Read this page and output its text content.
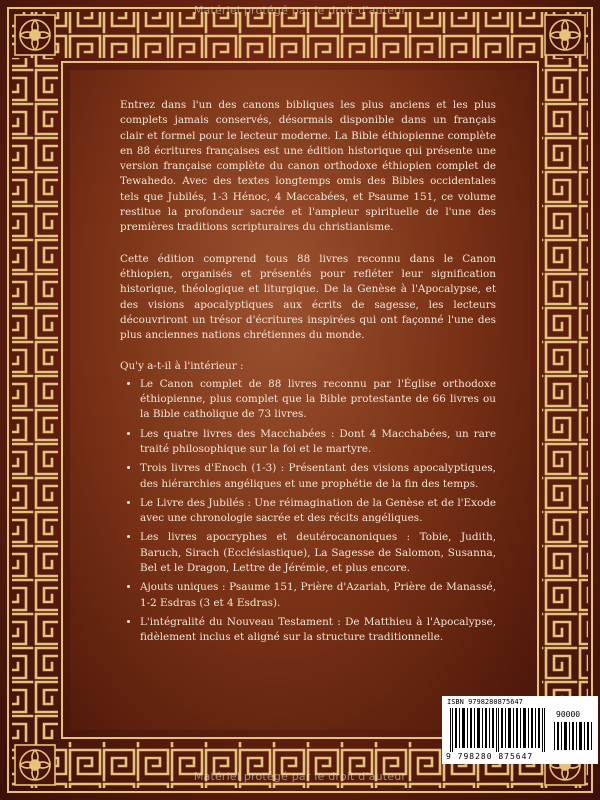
Matériel protégé par le droit d'auteur

Entrez dans l'un des canons bibliques les plus anciens et les plus complets jamais conservés, désormais disponible dans un français clair et formel pour le lecteur moderne. La Bible éthiopienne complète en 88 écritures françaises est une édition historique qui présente une version française complète du canon orthodoxe éthiopien complet de Tewahedo. Avec des textes longtemps omis des Bibles occidentales tels que Jubilés, 1-3 Hénoc, 4 Maccabées, et Psaume 151, ce volume restitue la profondeur sacrée et l'ampleur spirituelle de l'une des premières traditions scripturaires du christianisme.

Cette édition comprend tous 88 livres reconnu dans le Canon éthiopien, organisés et présentés pour refléter leur signification historique, théologique et liturgique. De la Genèse à l'Apocalypse, et des visions apocalyptiques aux écrits de sagesse, les lecteurs découvriront un trésor d'écritures inspirées qui ont façonné l'une des plus anciennes nations chrétiennes du monde.

Qu'y a-t-il à l'intérieur :
• Le Canon complet de 88 livres reconnu par l'Église orthodoxe éthiopienne, plus complet que la Bible protestante de 66 livres ou la Bible catholique de 73 livres.
• Les quatre livres des Macchabées : Dont 4 Macchabées, un rare traité philosophique sur la foi et le martyre.
• Trois livres d'Enoch (1-3) : Présentant des visions apocalyptiques, des hiérarchies angéliques et une prophétie de la fin des temps.
• Le Livre des Jubilés : Une réimagination de la Genèse et de l'Exode avec une chronologie sacrée et des récits angéliques.
• Les livres apocryphes et deutérocanoniques : Tobie, Judith, Baruch, Sirach (Ecclésiastique), La Sagesse de Salomon, Susanna, Bel et le Dragon, Lettre de Jérémie, et plus encore.
• Ajouts uniques : Psaume 151, Prière d'Azariah, Prière de Manassé, 1-2 Esdras (3 et 4 Esdras).
• L'intégralité du Nouveau Testament : De Matthieu à l'Apocalypse, fidèlement inclus et aligné sur la structure traditionnelle.
ISBN 9798280875647
90000
9 798280 875647
Matériel protégé par le droit d'auteur
